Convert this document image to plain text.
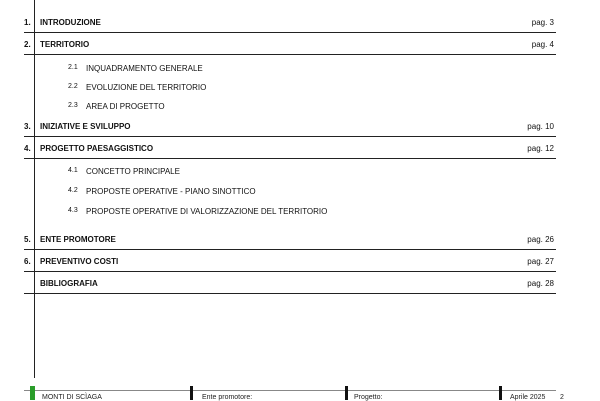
1. INTRODUZIONE	pag. 3
2. TERRITORIO	pag. 4
2.1 INQUADRAMENTO GENERALE
2.2 EVOLUZIONE DEL TERRITORIO
2.3 AREA DI PROGETTO
3. INIZIATIVE E SVILUPPO	pag. 10
4. PROGETTO PAESAGGISTICO	pag. 12
4.1 CONCETTO PRINCIPALE
4.2 PROPOSTE OPERATIVE - PIANO SINOTTICO
4.3 PROPOSTE OPERATIVE DI VALORIZZAZIONE DEL TERRITORIO
5. ENTE PROMOTORE	pag. 26
6. PREVENTIVO COSTI	pag. 27
BIBLIOGRAFIA	pag. 28
MONTI DI SCÌAGA	Ente promotore:	Progetto:	Aprile 2025 2
